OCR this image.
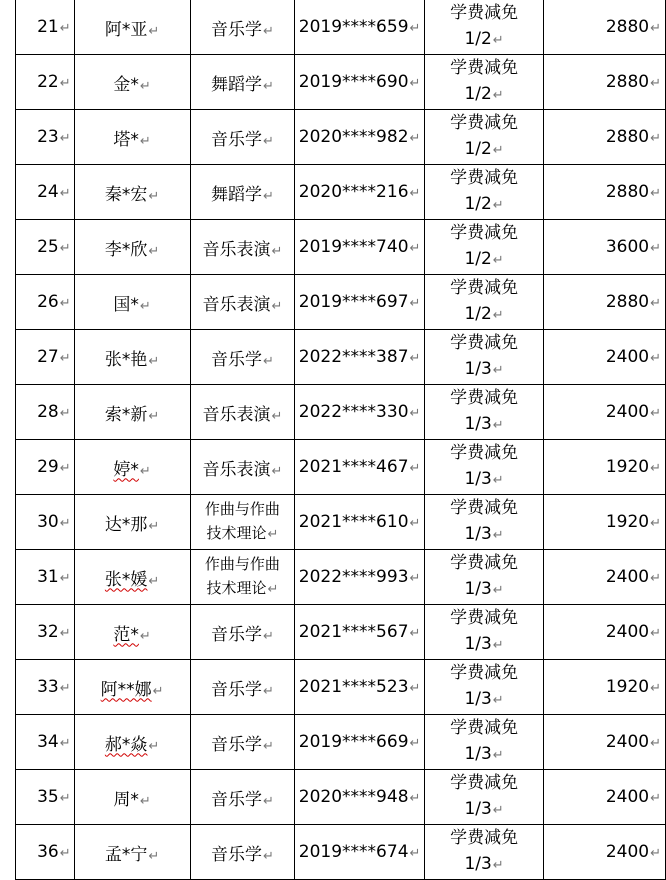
21↵	阿*亚↵	音乐学↵	2019****659↵	学费减免
1/2↵	2880↵
22↵	金*↵	舞蹈学↵	2019****690↵	学费减免
1/2↵	2880↵
23↵	塔*↵	音乐学↵	2020****982↵	学费减免
1/2↵	2880↵
24↵	秦*宏↵	舞蹈学↵	2020****216↵	学费减免
1/2↵	2880↵
25↵	李*欣↵	音乐表演↵	2019****740↵	学费减免
1/2↵	3600↵
26↵	国*↵	音乐表演↵	2019****697↵	学费减免
1/2↵	2880↵
27↵	张*艳↵	音乐学↵	2022****387↵	学费减免
1/3↵	2400↵
28↵	索*新↵	音乐表演↵	2022****330↵	学费减免
1/3↵	2400↵
29↵	婷*↵	音乐表演↵	2021****467↵	学费减免
1/3↵	1920↵
30↵	达*那↵	作曲与作曲
技术理论↵	2021****610↵	学费减免
1/3↵	1920↵
31↵	张*媛↵	作曲与作曲
技术理论↵	2022****993↵	学费减免
1/3↵	2400↵
32↵	范*↵	音乐学↵	2021****567↵	学费减免
1/3↵	2400↵
33↵	阿**娜↵	音乐学↵	2021****523↵	学费减免
1/3↵	1920↵
34↵	郝*焱↵	音乐学↵	2019****669↵	学费减免
1/3↵	2400↵
35↵	周*↵	音乐学↵	2020****948↵	学费减免
1/3↵	2400↵
36↵	孟*宁↵	音乐学↵	2019****674↵	学费减免
1/3↵	2400↵
